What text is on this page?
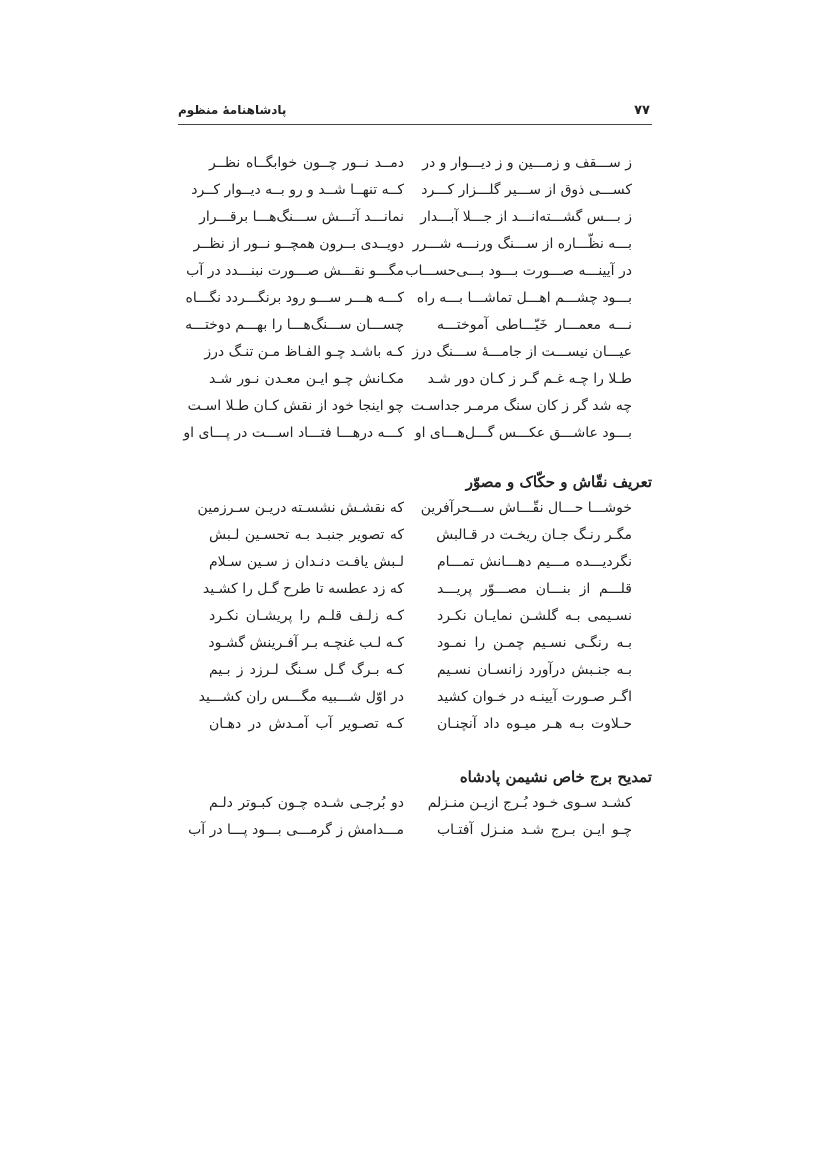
۷۷
پادشاهنامهٔ منظوم
ز ســـقف و زمـــین و ز دیـــوار و در
دمــد نــور چــون خوابگــاه نظــر
کســـی ذوق از ســـیر گلـــزار کـــرد
کــه تنهــا شــد و رو بــه دیــوار کــرد
ز بـــس گشـــته‌انـــد از جـــلا آبـــدار
نمانـــد آتـــش ســـنگ‌هـــا برقـــرار
بـــه نظّـــاره از ســـنگ ورنـــه شـــرر
دویــدی بــرون همچــو نــور از نظــر
در آیینـــه صـــورت بـــود بـــی‌حســـاب
مگـــو نقـــش صـــورت نبنـــدد در آب
بـــود چشـــم اهـــل تماشـــا بـــه راه
کـــه هـــر ســـو رود برنگـــردد نگـــاه
نـــه معمـــار خَیّـــاطی آموختـــه
چســـان ســـنگ‌هـــا را بهـــم دوختـــه
عیـــان نیســـت از جامـــهٔ ســـنگ درز
کـه باشـد چـو الفـاظ مـن تنـگ درز
طـلا را چـه غـم گـر ز کـان دور شـد
مکـانش چـو ایـن معـدن نـور شـد
چه شد گر ز کان سنگ مرمـر جداسـت
چو اینجا خود از نقش کـان طـلا اسـت
بـــود عاشـــق عکـــس گـــل‌هـــای او
کـــه درهـــا فتـــاد اســـت در پـــای او
تعریف نقّاش و حکّاک و مصوّر
خوشـــا حـــال نقّـــاش ســـحرآفرین
که نقشـش نشسـته دریـن سـرزمین
مگـر رنـگ جـان ریخـت در قـالبش
که تصویر جنبـد بـه تحسـین لـبش
نگردیـــده مـــیم دهـــانش تمـــام
لـبش یافـت دنـدان ز سـین سـلام
قلـــم از بنـــان مصـــوّر پریـــد
که زد عطسه تا طرح گـل را کشـید
نسـیمی بـه گلشـن نمایـان نکـرد
کـه زلـف قلـم را پریشـان نکـرد
بـه رنگـی نسـیم چمـن را نمـود
کـه لـب غنچـه بـر آفـرینش گشـود
بـه جنـبش درآورد زانسـان نسـیم
کـه بـرگ گـل سـنگ لـرزد ز بـیم
اگـر صـورت آیینـه در خـوان کشید
در اوّل شـــبیه مگـــس ران کشـــید
حـلاوت بـه هـر میـوه داد آنچنـان
کـه تصـویر آب آمـدش در دهـان
تمدیح برج خاص نشیمن پادشاه
کشـد سـوی خـود بُـرج ازیـن منـزلم
دو بُرجـی شـده چـون کبـوتر دلـم
چـو ایـن بـرج شـد منـزل آفتـاب
مـــدامش ز گرمـــی بـــود پـــا در آب
